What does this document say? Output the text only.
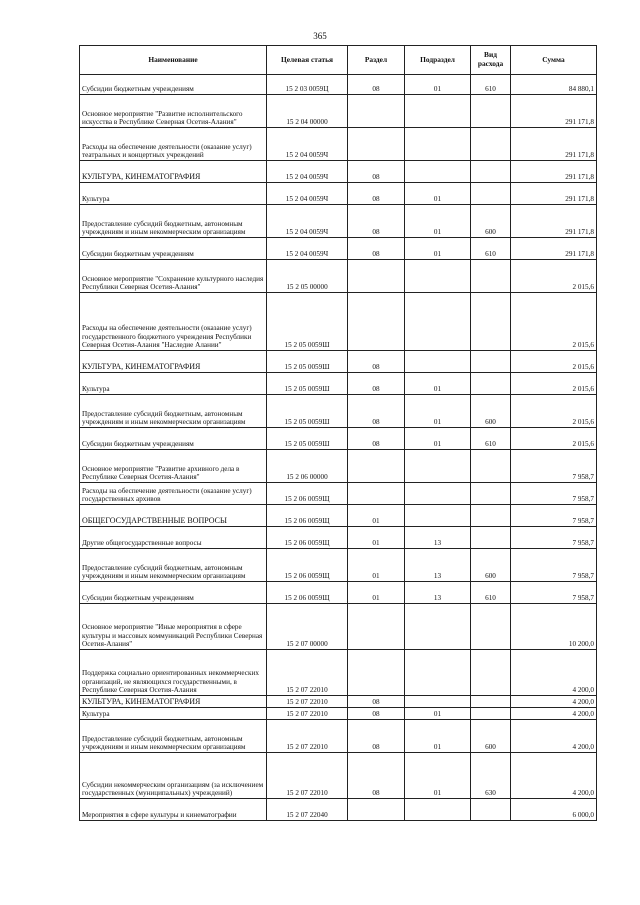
365
Наименование	Целевая статья	Раздел	Подраздел	Вид расхода	Сумма
Субсидии бюджетным учреждениям	15 2 03 0059Ц	08	01	610	84 880,1
Основное мероприятие "Развитие исполнительского искусства в Республике Северная Осетия-Алания"	15 2 04 00000				291 171,8
Расходы на обеспечение деятельности (оказание услуг) театральных и концертных учреждений	15 2 04 0059Ч				291 171,8
КУЛЬТУРА, КИНЕМАТОГРАФИЯ	15 2 04 0059Ч	08			291 171,8
Культура	15 2 04 0059Ч	08	01		291 171,8
Предоставление субсидий бюджетным, автономным учреждениям и иным некоммерческим организациям	15 2 04 0059Ч	08	01	600	291 171,8
Субсидии бюджетным учреждениям	15 2 04 0059Ч	08	01	610	291 171,8
Основное мероприятие "Сохранение культурного наследия Республики Северная Осетия-Алания"	15 2 05 00000				2 015,6
Расходы на обеспечение деятельности (оказание услуг) государственного бюджетного учреждения Республики Северная Осетия-Алания "Наследие Алании"	15 2 05 0059Ш				2 015,6
КУЛЬТУРА, КИНЕМАТОГРАФИЯ	15 2 05 0059Ш	08			2 015,6
Культура	15 2 05 0059Ш	08	01		2 015,6
Предоставление субсидий бюджетным, автономным учреждениям и иным некоммерческим организациям	15 2 05 0059Ш	08	01	600	2 015,6
Субсидии бюджетным учреждениям	15 2 05 0059Ш	08	01	610	2 015,6
Основное мероприятие "Развитие архивного дела в Республике Северная Осетия-Алания"	15 2 06 00000				7 958,7
Расходы на обеспечение деятельности (оказание услуг) государственных архивов	15 2 06 0059Щ				7 958,7
ОБЩЕГОСУДАРСТВЕННЫЕ ВОПРОСЫ	15 2 06 0059Щ	01			7 958,7
Другие общегосударственные вопросы	15 2 06 0059Щ	01	13		7 958,7
Предоставление субсидий бюджетным, автономным учреждениям и иным некоммерческим организациям	15 2 06 0059Щ	01	13	600	7 958,7
Субсидии бюджетным учреждениям	15 2 06 0059Щ	01	13	610	7 958,7
Основное мероприятие "Иные мероприятия в сфере культуры и массовых коммуникаций Республики Северная Осетия-Алания"	15 2 07 00000				10 200,0
Поддержка социально ориентированных некоммерческих организаций, не являющихся государственными, в Республике Северная Осетия-Алания	15 2 07 22010				4 200,0
КУЛЬТУРА, КИНЕМАТОГРАФИЯ	15 2 07 22010	08			4 200,0
Культура	15 2 07 22010	08	01		4 200,0
Предоставление субсидий бюджетным, автономным учреждениям и иным некоммерческим организациям	15 2 07 22010	08	01	600	4 200,0
Субсидии некоммерческим организациям (за исключением государственных (муниципальных) учреждений)	15 2 07 22010	08	01	630	4 200,0
Мероприятия в сфере культуры и кинематографии	15 2 07 22040				6 000,0
